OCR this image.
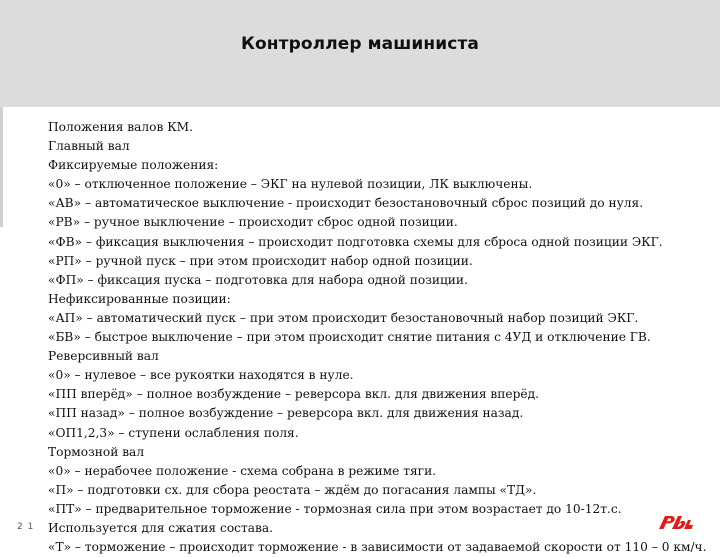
Контроллер машиниста
Положения валов КМ.
Главный вал
Фиксируемые положения:
«0» – отключенное положение – ЭКГ на нулевой позиции, ЛК выключены.
«АВ» – автоматическое выключение - происходит безостановочный сброс позиций до нуля.
«РВ» – ручное выключение – происходит сброс одной позиции.
«ФВ» – фиксация выключения – происходит подготовка схемы для сброса одной позиции ЭКГ.
«РП» – ручной пуск – при этом происходит набор одной позиции.
«ФП» – фиксация пуска – подготовка для набора одной позиции.
Нефиксированные позиции:
«АП» – автоматический пуск – при этом происходит безостановочный набор позиций ЭКГ.
«БВ» – быстрое выключение – при этом происходит снятие питания с 4УД и отключение ГВ.
Реверсивный вал
«0» – нулевое – все рукоятки находятся в нуле.
«ПП вперёд» – полное возбуждение – реверсора вкл. для движения вперёд.
«ПП назад» – полное возбуждение – реверсора вкл. для движения назад.
«ОП1,2,3» – ступени ослабления поля.
Тормозной вал
«0» – нерабочее положение - схема собрана в режиме тяги.
«П» – подготовки сх. для сбора реостата – ждём до погасания лампы «ТД».
«ПТ» – предварительное торможение - тормозная сила при этом возрастает до 10-12т.с.
Используется для сжатия состава.
«Т» – торможение – происходит торможение - в зависимости от задаваемой скорости от 110 – 0 км/ч.
2 1
